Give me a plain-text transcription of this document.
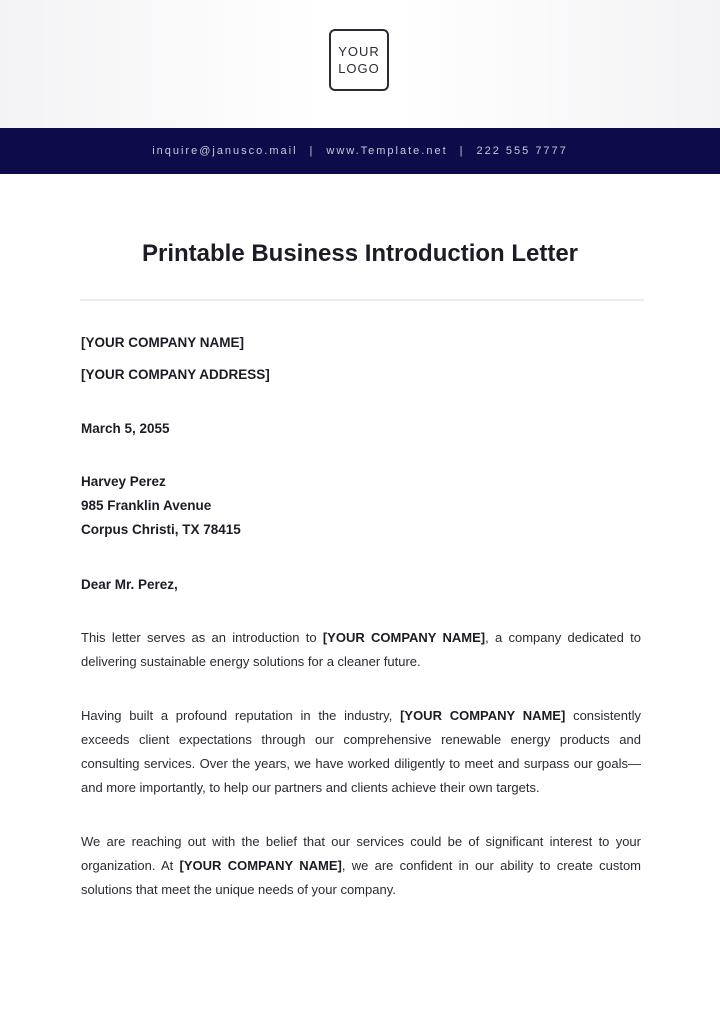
YOUR
LOGO
inquire@janusco.mail | www.Template.net | 222 555 7777
Printable Business Introduction Letter
[YOUR COMPANY NAME]
[YOUR COMPANY ADDRESS]
March 5, 2055
Harvey Perez
985 Franklin Avenue
Corpus Christi, TX 78415
Dear Mr. Perez,
This letter serves as an introduction to [YOUR COMPANY NAME], a company dedicated to delivering sustainable energy solutions for a cleaner future.
Having built a profound reputation in the industry, [YOUR COMPANY NAME] consistently exceeds client expectations through our comprehensive renewable energy products and consulting services. Over the years, we have worked diligently to meet and surpass our goals—and more importantly, to help our partners and clients achieve their own targets.
We are reaching out with the belief that our services could be of significant interest to your organization. At [YOUR COMPANY NAME], we are confident in our ability to create custom solutions that meet the unique needs of your company.
